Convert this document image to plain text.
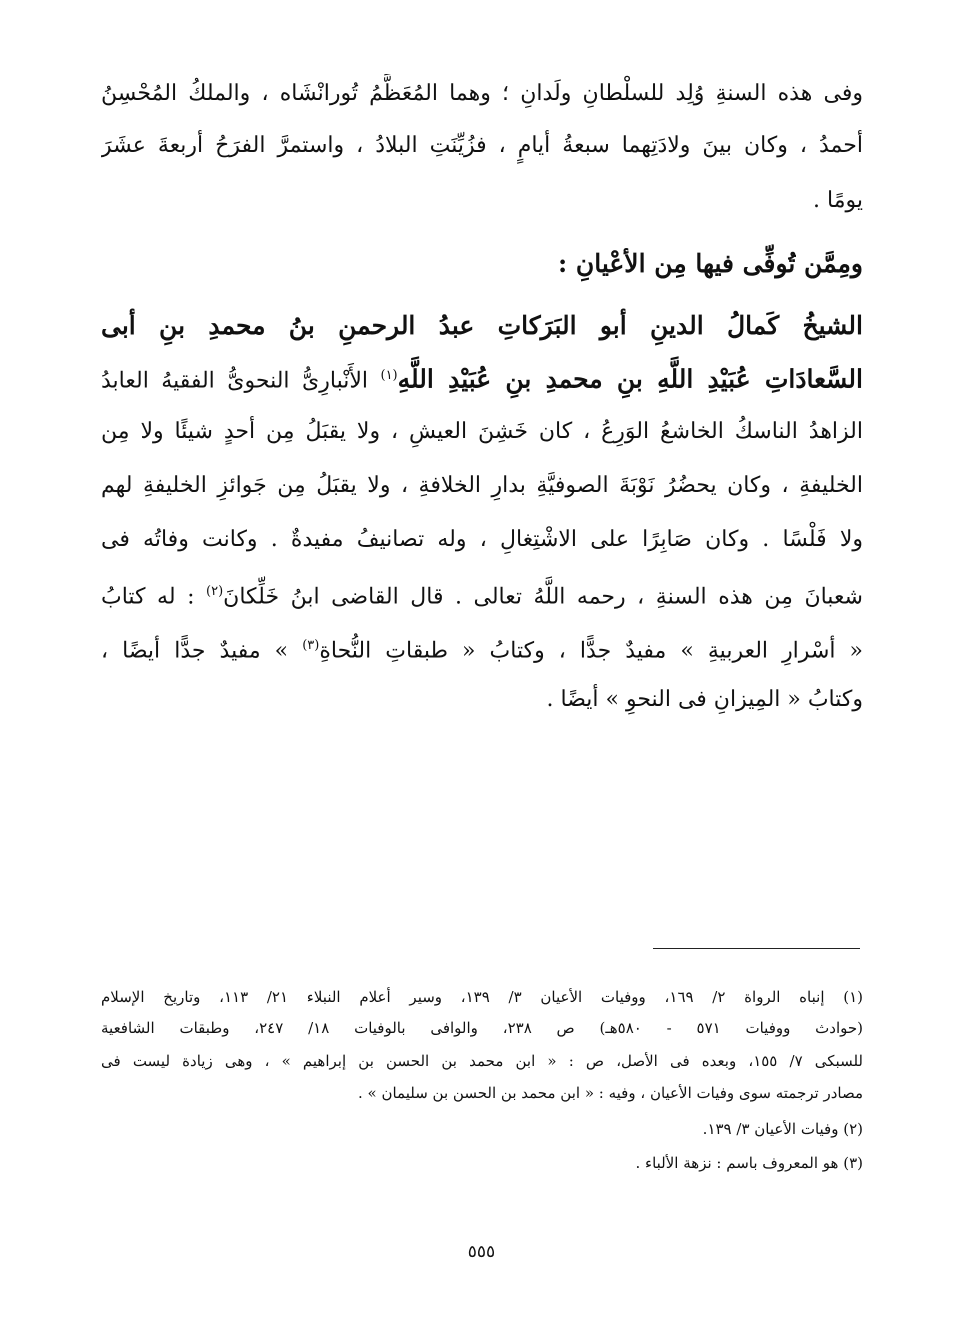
وفى هذه السنةِ وُلِد للسلْطانِ ولَدانِ ؛ وهما المُعَظَّمُ تُورانْشَاه ، والملكُ المُحْسِنُ
أحمدُ ، وكان بينَ ولادَتِهما سبعةُ أيامٍ ، فزُيِّنَتِ البلادُ ، واستمرَّ الفرَحُ أربعةَ عشَرَ
يومًا .
ومِمَّن تُوفِّى فيها مِن الأعْيانِ :
الشيخُ كَمالُ الدينِ أبو البَرَكاتِ عبدُ الرحمنِ بنُ محمدِ بنِ أبى
السَّعادَاتِ عُبَيْدِ اللَّهِ بنِ محمدِ بنِ عُبَيْدِ اللَّهِ$^{(١)}$ الأَنْبارِىُّ النحوىُّ الفقيهُ العابدُ
الزاهدُ الناسكُ الخاشعُ الوَرِعُ ، كان خَشِنَ العيشِ ، ولا يقبَلُ مِن أحدٍ شيئًا ولا مِن
الخليفةِ ، وكان يحضُرُ نَوْبَةَ الصوفيَّةِ بدارِ الخلافةِ ، ولا يقبَلُ مِن جَوائزِ الخليفةِ لهم
ولا فَلْسًا . وكان صَابِرًا على الاشْتِغالِ ، وله تصانيفُ مفيدةٌ . وكانت وفاتُه فى
شعبانَ مِن هذه السنةِ ، رحمه اللَّهُ تعالى . قال القاضى ابنُ خَلِّكانَ$^{(٢)}$ : له كتابُ
« أسْرارِ العربيةِ » مفيدٌ جدًّا ، وكتابُ « طبقاتِ النُّحاةِ$^{(٣)}$ » مفيدٌ جدًّا أيضًا ،
وكتابُ « المِيزانِ فى النحوِ » أيضًا .
(١) إنباه الرواة ٢/ ١٦٩، ووفيات الأعيان ٣/ ١٣٩، وسير أعلام النبلاء ٢١/ ١١٣، وتاريخ الإسلام
(حوادث ووفيات ٥٧١ - ٥٨٠هـ) ص ٢٣٨، والوافى بالوفيات ١٨/ ٢٤٧، وطبقات الشافعية
للسبكى ٧/ ١٥٥، وبعده فى الأصل، ص : « ابن محمد بن الحسن بن إبراهيم » ، وهى زيادة ليست فى
مصادر ترجمته سوى وفيات الأعيان ، وفيه : « ابن محمد بن الحسن بن سليمان » .
(٢) وفيات الأعيان ٣/ ١٣٩.
(٣) هو المعروف باسم : نزهة الألباء .
٥٥٥
